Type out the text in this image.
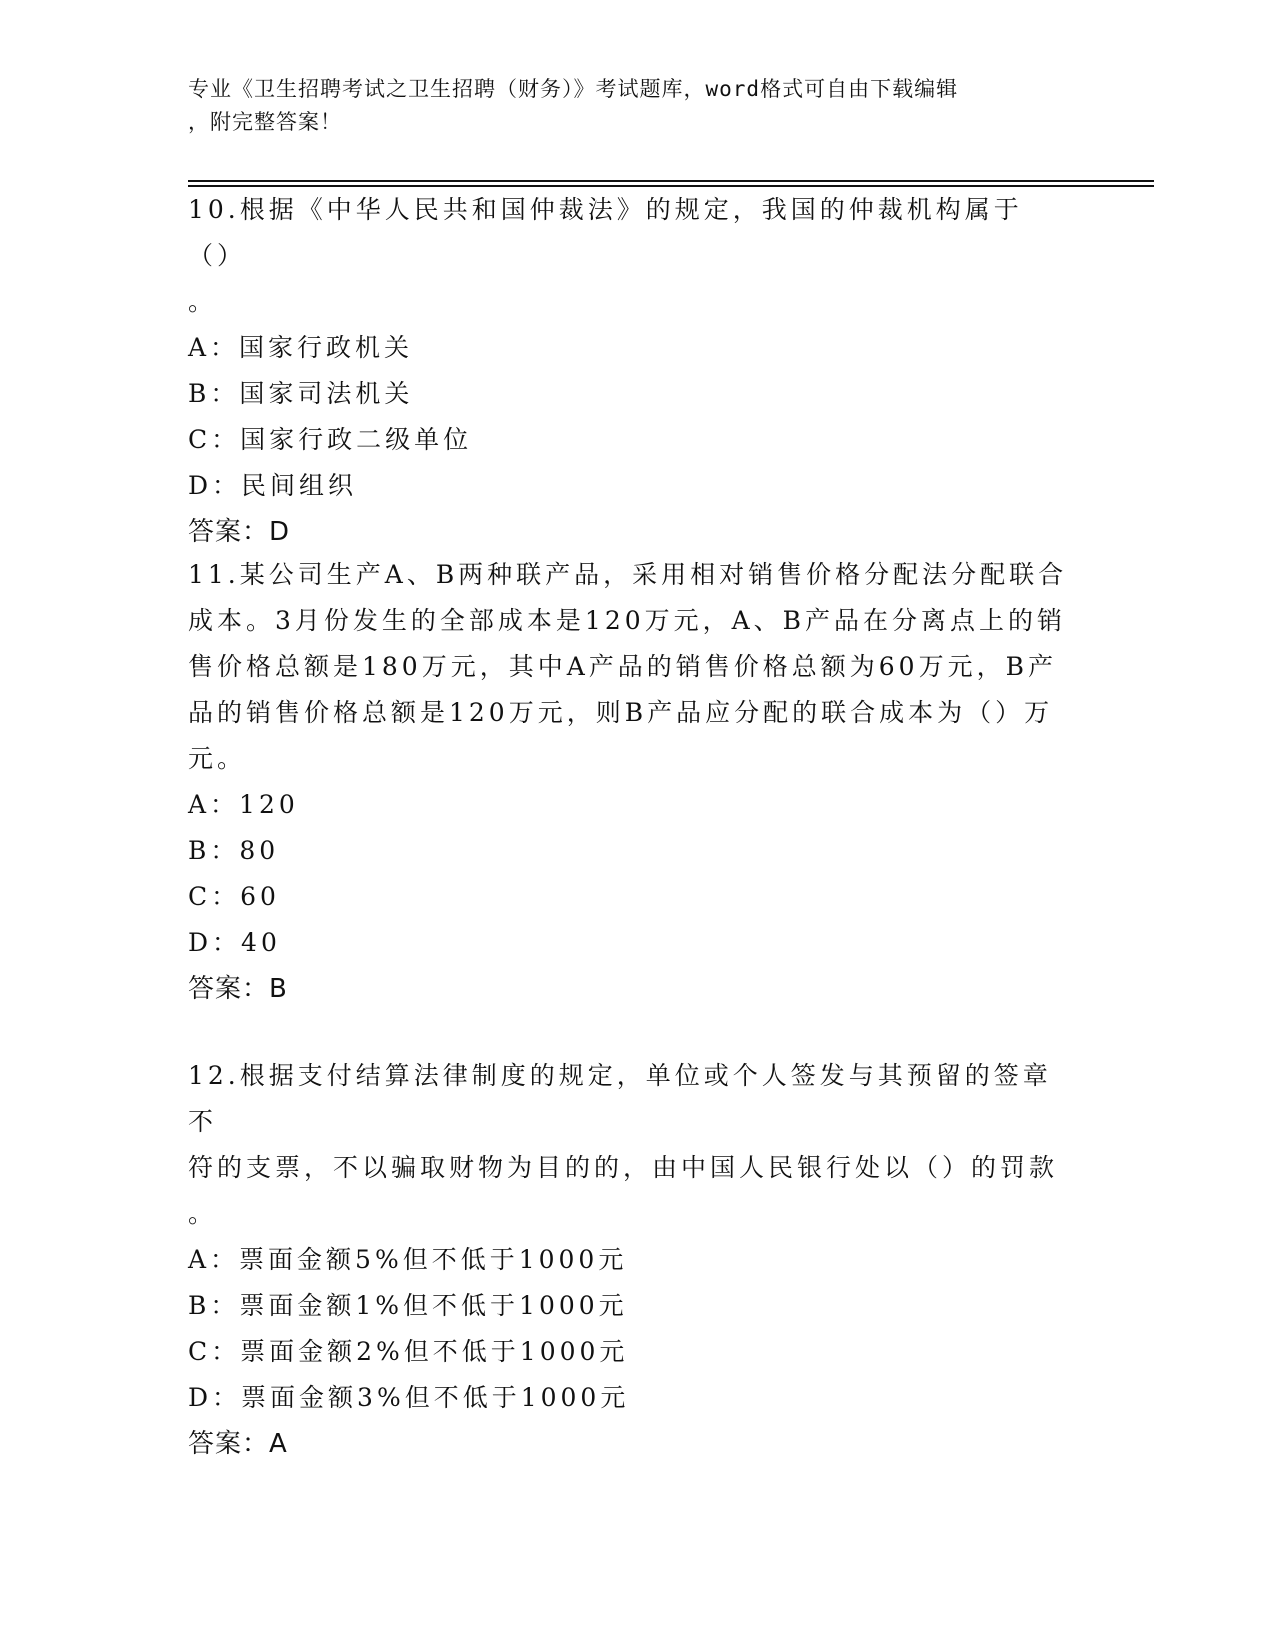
专业《卫生招聘考试之卫生招聘（财务）》考试题库，word格式可自由下载编辑
，附完整答案！
10.根据《中华人民共和国仲裁法》的规定，我国的仲裁机构属于（）
。
A：国家行政机关
B：国家司法机关
C：国家行政二级单位
D：民间组织
答案：D
11.某公司生产A、B两种联产品，采用相对销售价格分配法分配联合
成本。3月份发生的全部成本是120万元，A、B产品在分离点上的销
售价格总额是180万元，其中A产品的销售价格总额为60万元，B产
品的销售价格总额是120万元，则B产品应分配的联合成本为（）万
元。
A：120
B：80
C：60
D：40
答案：B
12.根据支付结算法律制度的规定，单位或个人签发与其预留的签章不
符的支票，不以骗取财物为目的的，由中国人民银行处以（）的罚款
。
A：票面金额5%但不低于1000元
B：票面金额1%但不低于1000元
C：票面金额2%但不低于1000元
D：票面金额3%但不低于1000元
答案：A
